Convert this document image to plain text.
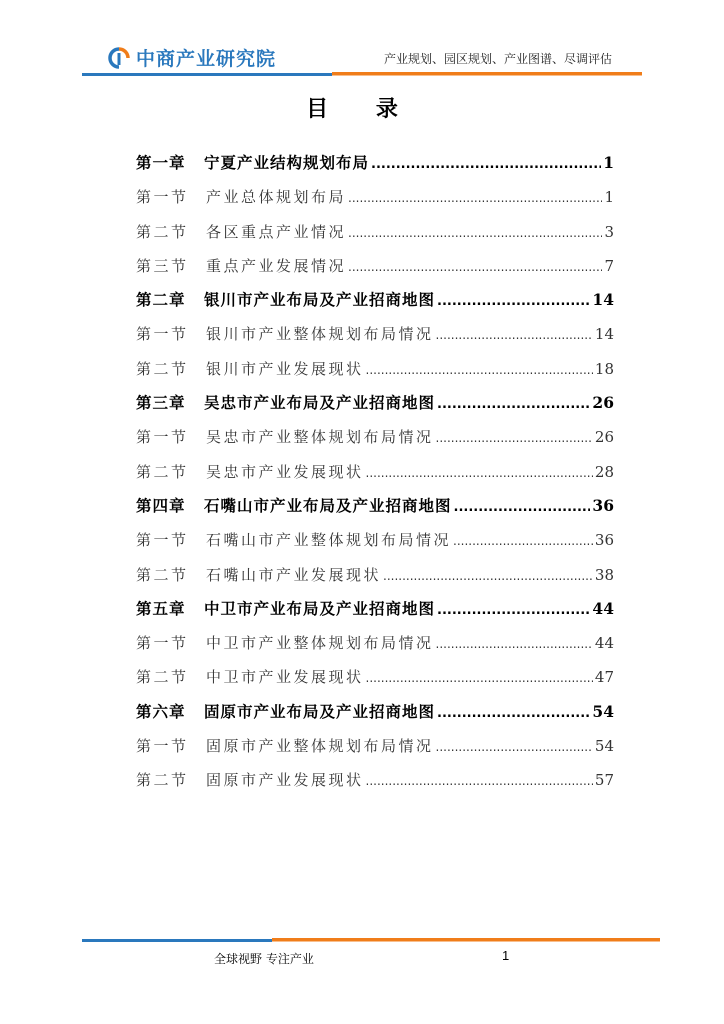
中商产业研究院	产业规划、园区规划、产业图谱、尽调评估
目 录
第一章 宁夏产业结构规划布局 .....	1
第一节 产业总体规划布局 .....	1
第二节 各区重点产业情况 .....	3
第三节 重点产业发展情况 .....	7
第二章 银川市产业布局及产业招商地图 .....	14
第一节 银川市产业整体规划布局情况 .....	14
第二节 银川市产业发展现状 .....	18
第三章 吴忠市产业布局及产业招商地图 .....	26
第一节 吴忠市产业整体规划布局情况 .....	26
第二节 吴忠市产业发展现状 .....	28
第四章 石嘴山市产业布局及产业招商地图 .....	36
第一节 石嘴山市产业整体规划布局情况 .....	36
第二节 石嘴山市产业发展现状 .....	38
第五章 中卫市产业布局及产业招商地图 .....	44
第一节 中卫市产业整体规划布局情况 .....	44
第二节 中卫市产业发展现状 .....	47
第六章 固原市产业布局及产业招商地图 .....	54
第一节 固原市产业整体规划布局情况 .....	54
第二节 固原市产业发展现状 .....	57
全球视野 专注产业	1
